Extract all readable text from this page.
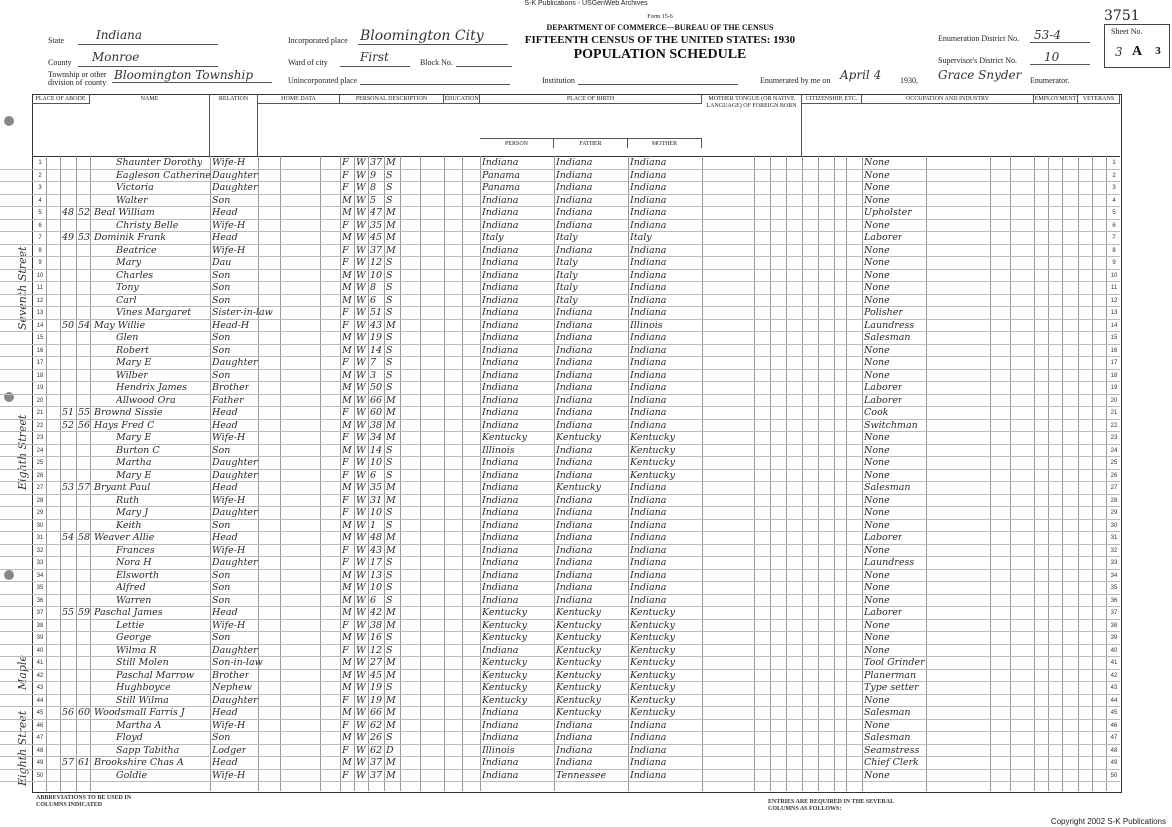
S-K Publications - USGenWeb Archives
3751
Form 15-6
DEPARTMENT OF COMMERCE—BUREAU OF THE CENSUS
FIFTEENTH CENSUS OF THE UNITED STATES: 1930
POPULATION SCHEDULE
State	Indiana
County Monroe
Township or other division of county
Bloomington Township
Incorporated place Bloomington City
Ward of city	First	Block No.
Unincorporated place	Institution
Enumeration District No. 53-4
Supervisor's District No. 10
Enumerated by me on April 4 1930, Grace Snyder Enumerator.
Sheet No.
3 A	3
PLACE OF ABODE	NAME	RELATION	HOME DATA	PERSONAL DESCRIPTION	EDUCATION	PLACE OF BIRTH	MOTHER TONGUE (OR NATIVE LANGUAGE) OF FOREIGN BORN
CITIZENSHIP, ETC.	OCCUPATION AND INDUSTRY	EMPLOYMENT	VETERANS
PERSON	FATHER	MOTHER
Seventh Street
Eighth Street
Maple
Eighth Street
1	Shaunter Dorothy Wife-H	F W 37 M	Indiana	Indiana	Indiana	None	1
2	Eagleson Catherine Daughter	F W 9 S	Panama	Indiana	Indiana	None	2
3	Victoria	Daughter	F W 8 S	Panama	Indiana	Indiana	None	3
4	Walter	Son	M W 5 S	Indiana	Indiana	Indiana	None	4
5	48 52 Beal William	Head	M W 47 M	Indiana	Indiana	Indiana	Upholster	5
6	Christy Belle	Wife-H	F W 35 M	Indiana	Indiana	Indiana	None	6
7	49 53 Dominik Frank	Head	M W 45 M	Italy	Italy	Italy	Laborer	7
8	Beatrice	Wife-H	F W 37 M	Indiana	Indiana	Indiana	None	8
9	Mary	Dau	F W 12 S	Indiana	Italy	Indiana	None	9
10	Charles	Son	M W 10 S	Indiana	Italy	Indiana	None	10
11	Tony	Son	M W 8 S	Indiana	Italy	Indiana	None	11
12	Carl	Son	M W 6 S	Indiana	Italy	Indiana	None	12
13	Vines Margaret Sister-in-law	F W 51 S	Indiana	Indiana	Indiana	Polisher	13
14 50 54 May Willie	Head-H	F W 43 M	Indiana	Indiana	Illinois	Laundress	14
15	Glen	Son	M W 19 S	Indiana	Indiana	Indiana	Salesman	15
16	Robert	Son	M W 14 S	Indiana	Indiana	Indiana	None	16
17	Mary E	Daughter	F W 7 S	Indiana	Indiana	Indiana	None	17
18	Wilber	Son	M W 3 S	Indiana	Indiana	Indiana	None	18
19	Hendrix James	Brother	M W 50 S	Indiana	Indiana	Indiana	Laborer	19
20	Allwood Ora	Father	M W 66 M	Indiana	Indiana	Indiana	Laborer	20
21 51 55 Brownd Sissie	Head	F W 60 M	Indiana	Indiana	Indiana	Cook	21
22 52 56 Hays Fred C	Head	M W 38 M	Indiana	Indiana	Indiana	Switchman	22
23	Mary E	Wife-H	F W 34 M	Kentucky	Kentucky	Kentucky	None	23
24	Burton C	Son	M W 14 S	Illinois	Indiana	Kentucky	None	24
25	Martha	Daughter	F W 10 S	Indiana	Indiana	Kentucky	None	25
26	Mary E	Daughter	F W 6 S	Indiana	Indiana	Kentucky	None	26
27 53 57 Bryant Paul	Head	M W 35 M	Indiana	Kentucky	Indiana	Salesman	27
28	Ruth	Wife-H	F W 31 M	Indiana	Indiana	Indiana	None	28
29	Mary J	Daughter	F W 10 S	Indiana	Indiana	Indiana	None	29
30	Keith	Son	M W 1 S	Indiana	Indiana	Indiana	None	30
31 54 58 Weaver Allie	Head	M W 48 M	Indiana	Indiana	Indiana	Laborer	31
32	Frances	Wife-H	F W 43 M	Indiana	Indiana	Indiana	None	32
33	Nora H	Daughter	F W 17 S	Indiana	Indiana	Indiana	Laundress	33
34	Elsworth	Son	M W 13 S	Indiana	Indiana	Indiana	None	34
35	Alfred	Son	M W 10 S	Indiana	Indiana	Indiana	None	35
36	Warren	Son	M W 6 S	Indiana	Indiana	Indiana	None	36
37 55 59 Paschal James	Head	M W 42 M	Kentucky	Kentucky	Kentucky	Laborer	37
38	Lettie	Wife-H	F W 38 M	Kentucky	Kentucky	Kentucky	None	38
39	George	Son	M W 16 S	Kentucky	Kentucky	Kentucky	None	39
40	Wilma R	Daughter	F W 12 S	Indiana	Kentucky	Kentucky	None	40
41	Still Molen	Son-in-law	M W 27 M	Kentucky	Kentucky	Kentucky	Tool Grinder	41
42	Paschal Marrow Brother	M W 45 M	Kentucky	Kentucky	Kentucky	Planerman	42
43	Hughboyce	Nephew	M W 19 S	Kentucky	Kentucky	Kentucky	Type setter	43
44	Still Wilma	Daughter	F W 19 M	Kentucky	Kentucky	Kentucky	None	44
45 56 60 Woodsmall Farris J	Head	M W 66 M	Indiana	Kentucky	Kentucky	Salesman	45
46	Martha A	Wife-H	F W 62 M	Indiana	Indiana	Indiana	None	46
47	Floyd	Son	M W 26 S	Indiana	Indiana	Indiana	Salesman	47
48	Sapp Tabitha	Lodger	F W 62 D	Illinois	Indiana	Indiana	Seamstress	48
49 57 61 Brookshire Chas A	Head	M W 37 M	Indiana	Indiana	Indiana	Chief Clerk	49
50	Goldie	Wife-H	F W 37 M	Indiana	Tennessee	Indiana	None	50
ABBREVIATIONS TO BE USED IN COLUMNS INDICATED	ENTRIES ARE REQUIRED IN THE SEVERAL COLUMNS AS FOLLOWS:
Copyright 2002 S-K Publications
